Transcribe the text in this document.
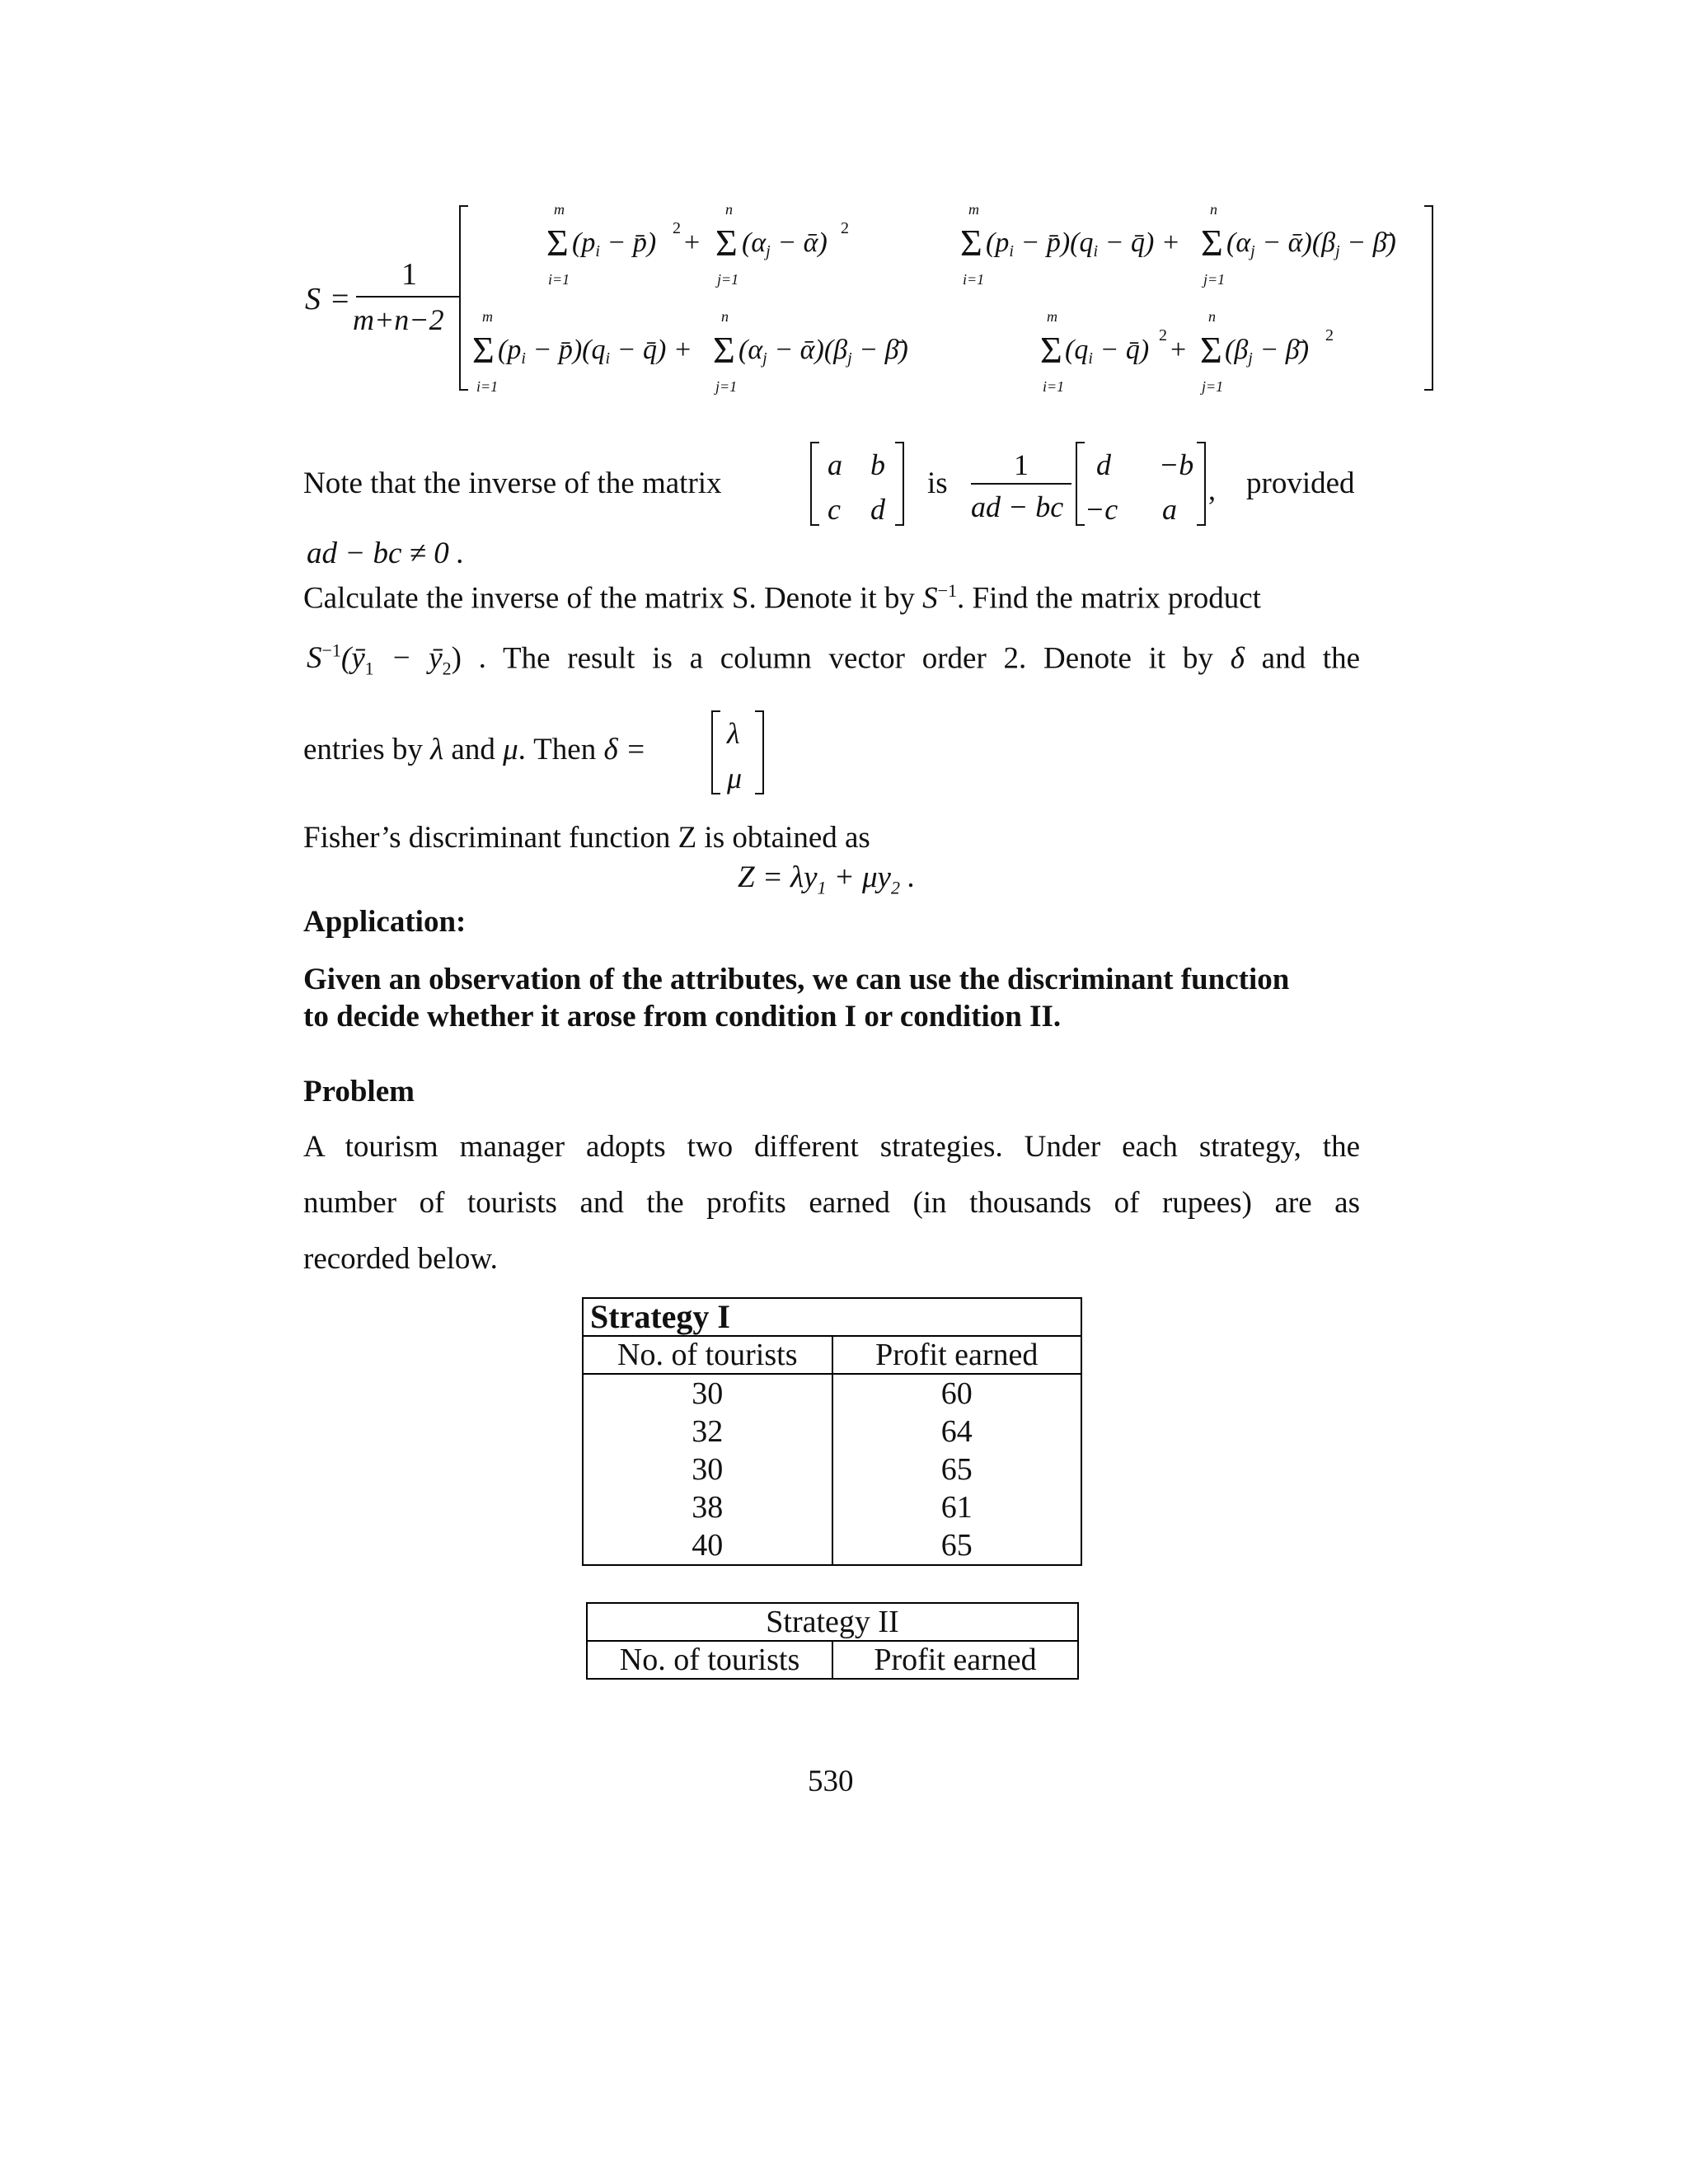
S =
1
m+n−2
m
Σ
i=1
(pi − p̄) 2 +
n
Σ
j=1
(αj − ᾱ) 2
m
Σ
i=1
(pi − p̄)(qi − q̄) +
n
Σ
j=1
(αj − ᾱ)(βj − β̄)
m
Σ
i=1
(pi − p̄)(qi − q̄) +
n
Σ
j=1
(αj − ᾱ)(βj − β̄)
m
Σ
i=1
(qi − q̄) 2 +
n
Σ
j=1
(βj − β̄) 2
Note that the inverse of the matrix
a b
c d
is
1
ad − bc
d −b
−c a
, provided
ad − bc ≠ 0 .
Calculate the inverse of the matrix S. Denote it by $S^{-1}$. Find the matrix product
$S^{-1}(ȳ_1$ − $ȳ_2$) . The result is a column vector order 2. Denote it by δ and the
entries by λ and μ. Then δ =	λ
μ
Fisher’s discriminant function Z is obtained as
$Z = \lambda y_1 + \mu y_2$ .
Application:
Given an observation of the attributes, we can use the discriminant function
to decide whether it arose from condition I or condition II.
Problem
A tourism manager adopts two different strategies. Under each strategy, the
number of tourists and the profits earned (in thousands of rupees) are as
recorded below.
Strategy I	
No. of tourists	Profit earned
30	60
32	64
30	65
38	61
40	65
Strategy II
No. of tourists	Profit earned
530
